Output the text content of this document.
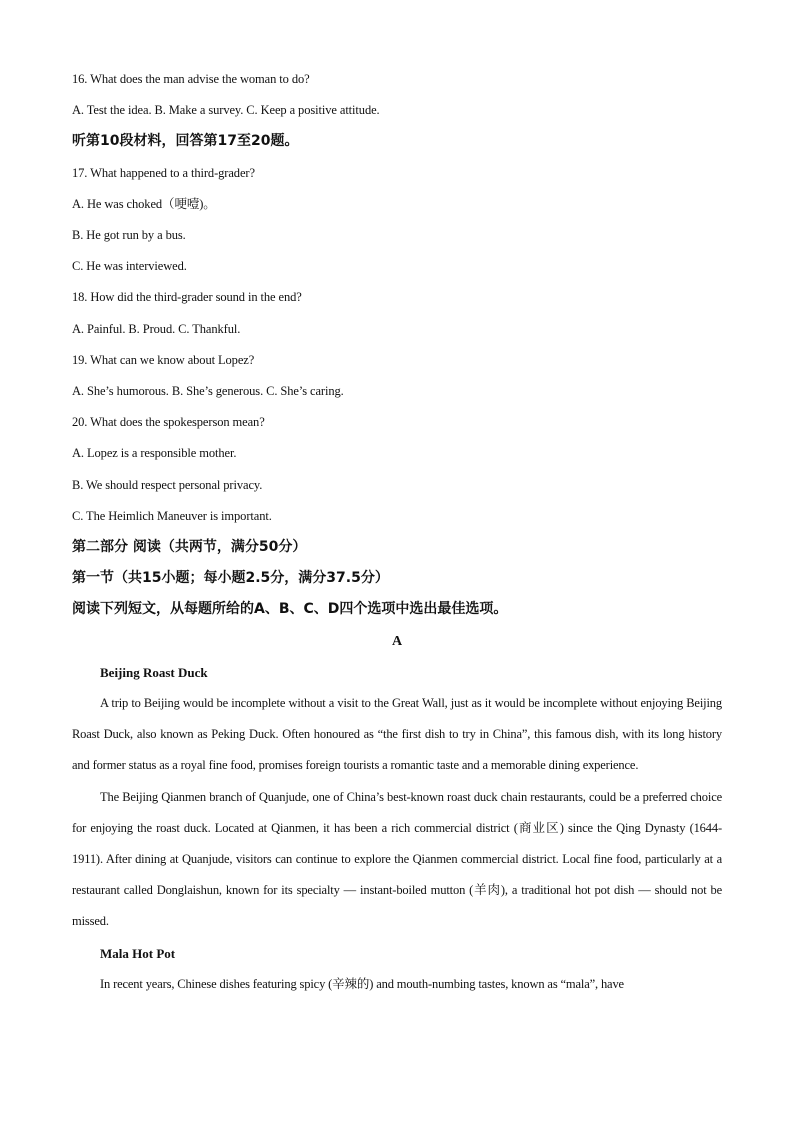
16. What does the man advise the woman to do?
A. Test the idea. B. Make a survey. C. Keep a positive attitude.
听第10段材料，回答第17至20题。
17. What happened to a third-grader?
A. He was choked（哽噎)。
B. He got run by a bus.
C. He was interviewed.
18. How did the third-grader sound in the end?
A. Painful. B. Proud. C. Thankful.
19. What can we know about Lopez?
A. She’s humorous. B. She’s generous. C. She’s caring.
20. What does the spokesperson mean?
A. Lopez is a responsible mother.
B. We should respect personal privacy.
C. The Heimlich Maneuver is important.
第二部分 阅读（共两节，满分50分）
第一节（共15小题；每小题2.5分，满分37.5分）
阅读下列短文，从每题所给的A、B、C、D四个选项中选出最佳选项。
A
Beijing Roast Duck
A trip to Beijing would be incomplete without a visit to the Great Wall, just as it would be incomplete without enjoying Beijing Roast Duck, also known as Peking Duck. Often honoured as “the first dish to try in China”, this famous dish, with its long history and former status as a royal fine food, promises foreign tourists a romantic taste and a memorable dining experience.
The Beijing Qianmen branch of Quanjude, one of China’s best-known roast duck chain restaurants, could be a preferred choice for enjoying the roast duck. Located at Qianmen, it has been a rich commercial district (商业区) since the Qing Dynasty (1644-1911). After dining at Quanjude, visitors can continue to explore the Qianmen commercial district. Local fine food, particularly at a restaurant called Donglaishun, known for its specialty — instant-boiled mutton (羊肉), a traditional hot pot dish — should not be missed.
Mala Hot Pot
In recent years, Chinese dishes featuring spicy (辛辣的) and mouth-numbing tastes, known as “mala”, have
